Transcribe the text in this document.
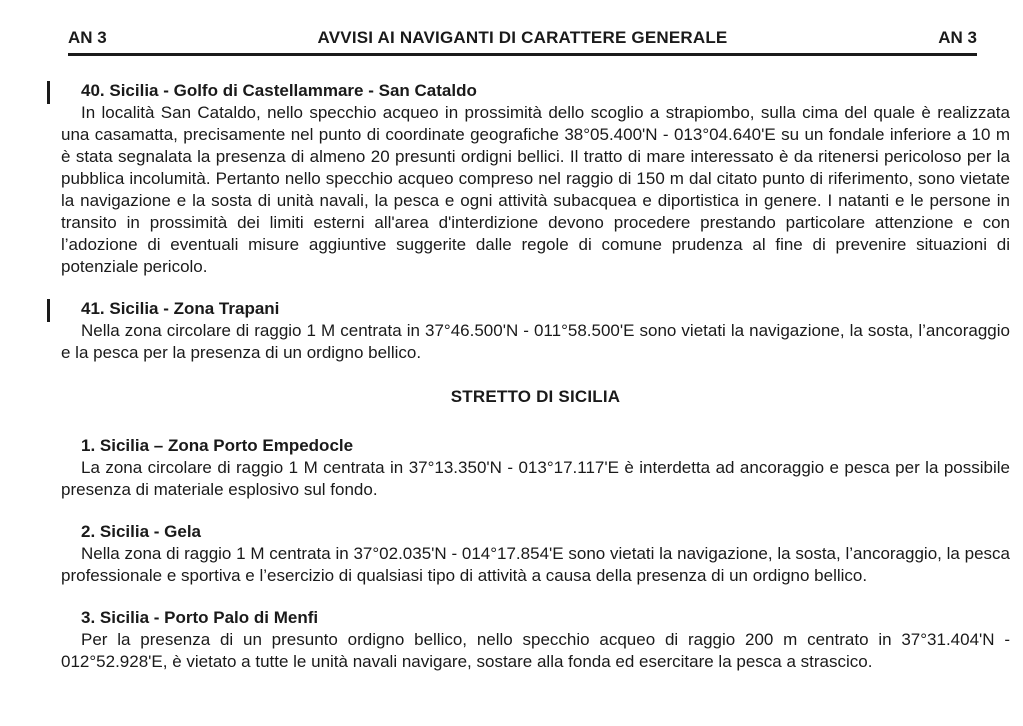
AN 3	AVVISI AI NAVIGANTI DI CARATTERE GENERALE	AN 3
40. Sicilia - Golfo di Castellammare - San Cataldo

In località San Cataldo, nello specchio acqueo in prossimità dello scoglio a strapiombo, sulla cima del quale è realizzata una casamatta, precisamente nel punto di coordinate geografiche 38°05.400'N - 013°04.640'E su un fondale inferiore a 10 m è stata segnalata la presenza di almeno 20 presunti ordigni bellici. Il tratto di mare interessato è da ritenersi pericoloso per la pubblica incolumità. Pertanto nello specchio acqueo compreso nel raggio di 150 m dal citato punto di riferimento, sono vietate la navigazione e la sosta di unità navali, la pesca e ogni attività subacquea e diportistica in genere. I natanti e le persone in transito in prossimità dei limiti esterni all'area d'interdizione devono procedere prestando particolare attenzione e con l’adozione di eventuali misure aggiuntive suggerite dalle regole di comune prudenza al fine di prevenire situazioni di potenziale pericolo.

41. Sicilia - Zona Trapani

Nella zona circolare di raggio 1 M centrata in 37°46.500'N - 011°58.500'E sono vietati la navigazione, la sosta, l’ancoraggio e la pesca per la presenza di un ordigno bellico.

STRETTO DI SICILIA
1. Sicilia – Zona Porto Empedocle

La zona circolare di raggio 1 M centrata in 37°13.350'N - 013°17.117'E è interdetta ad ancoraggio e pesca per la possibile presenza di materiale esplosivo sul fondo.

2. Sicilia - Gela

Nella zona di raggio 1 M centrata in 37°02.035'N - 014°17.854'E sono vietati la navigazione, la sosta, l’ancoraggio, la pesca professionale e sportiva e l’esercizio di qualsiasi tipo di attività a causa della presenza di un ordigno bellico.

3. Sicilia - Porto Palo di Menfi

Per la presenza di un presunto ordigno bellico, nello specchio acqueo di raggio 200 m centrato in 37°31.404'N - 012°52.928'E, è vietato a tutte le unità navali navigare, sostare alla fonda ed esercitare la pesca a strascico.
